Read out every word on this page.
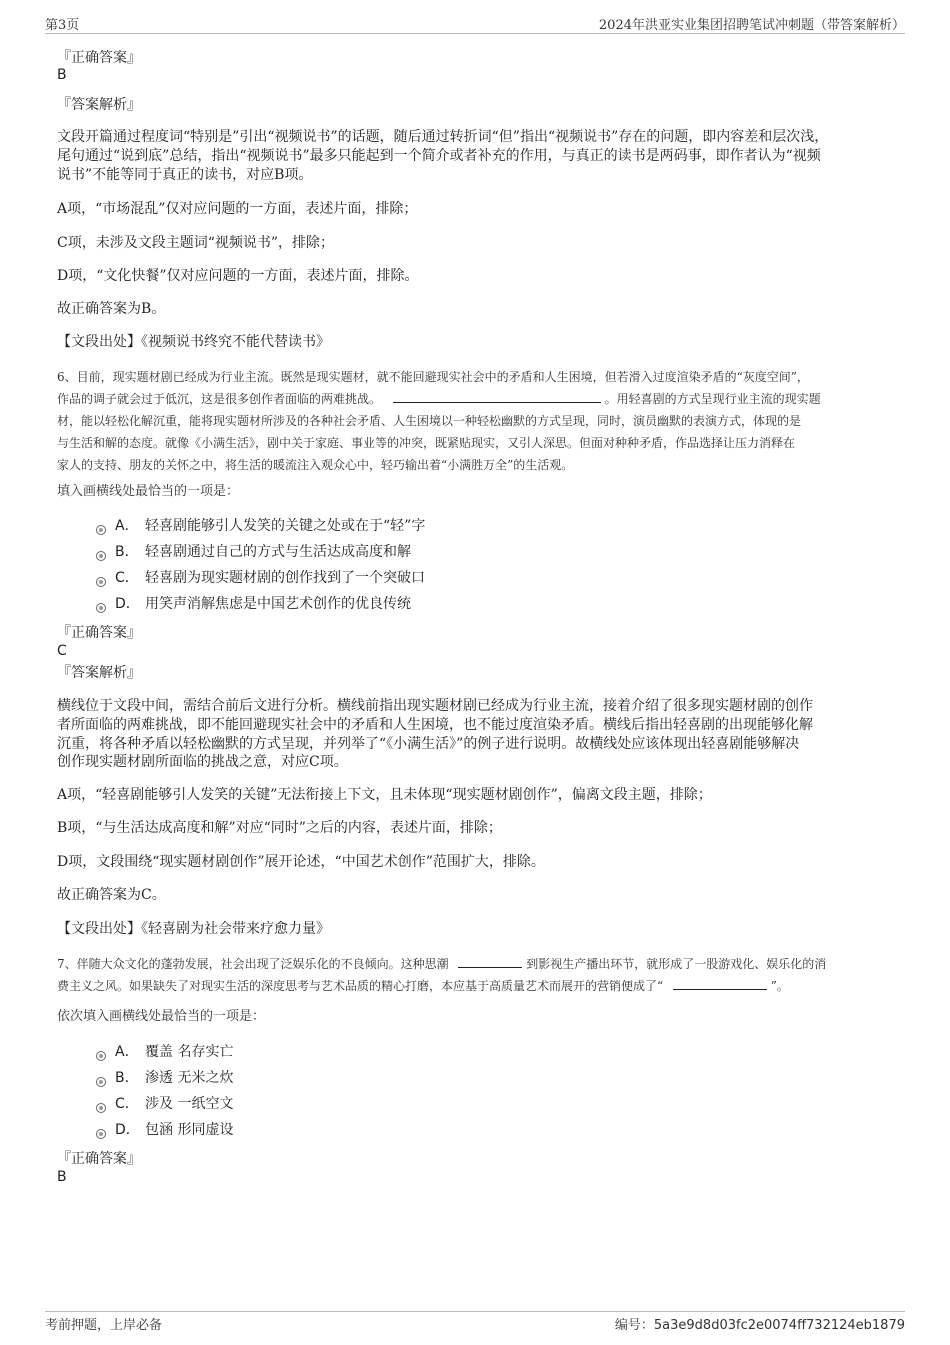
第3页	2024年洪亚实业集团招聘笔试冲刺题（带答案解析）
『正确答案』
B
『答案解析』
文段开篇通过程度词“特别是”引出“视频说书”的话题，随后通过转折词“但”指出“视频说书”存在的问题，即内容差和层次浅，
尾句通过“说到底”总结，指出“视频说书”最多只能起到一个简介或者补充的作用，与真正的读书是两码事，即作者认为“视频
说书”不能等同于真正的读书，对应B项。
A项，“市场混乱”仅对应问题的一方面，表述片面，排除；
C项，未涉及文段主题词“视频说书”，排除；
D项，“文化快餐”仅对应问题的一方面，表述片面，排除。
故正确答案为B。
【文段出处】《视频说书终究不能代替读书》
6、目前，现实题材剧已经成为行业主流。既然是现实题材，就不能回避现实社会中的矛盾和人生困境，但若滑入过度渲染矛盾的“灰度空间”，
作品的调子就会过于低沉，这是很多创作者面临的两难挑战。	。用轻喜剧的方式呈现行业主流的现实题
材，能以轻松化解沉重，能将现实题材所涉及的各种社会矛盾、人生困境以一种轻松幽默的方式呈现，同时，演员幽默的表演方式，体现的是
与生活和解的态度。就像《小满生活》，剧中关于家庭、事业等的冲突，既紧贴现实，又引人深思。但面对种种矛盾，作品选择让压力消释在
家人的支持、朋友的关怀之中，将生活的暖流注入观众心中，轻巧输出着“小满胜万全”的生活观。
填入画横线处最恰当的一项是：
A． 轻喜剧能够引人发笑的关键之处或在于“轻”字
B． 轻喜剧通过自己的方式与生活达成高度和解
C． 轻喜剧为现实题材剧的创作找到了一个突破口
D． 用笑声消解焦虑是中国艺术创作的优良传统
『正确答案』
C
『答案解析』
横线位于文段中间，需结合前后文进行分析。横线前指出现实题材剧已经成为行业主流，接着介绍了很多现实题材剧的创作
者所面临的两难挑战，即不能回避现实社会中的矛盾和人生困境，也不能过度渲染矛盾。横线后指出轻喜剧的出现能够化解
沉重，将各种矛盾以轻松幽默的方式呈现，并列举了“《小满生活》”的例子进行说明。故横线处应该体现出轻喜剧能够解决
创作现实题材剧所面临的挑战之意，对应C项。
A项，“轻喜剧能够引人发笑的关键”无法衔接上下文，且未体现“现实题材剧创作”，偏离文段主题，排除；
B项，“与生活达成高度和解”对应“同时”之后的内容，表述片面，排除；
D项，文段围绕“现实题材剧创作”展开论述，“中国艺术创作”范围扩大，排除。
故正确答案为C。
【文段出处】《轻喜剧为社会带来疗愈力量》
7、伴随大众文化的蓬勃发展，社会出现了泛娱乐化的不良倾向。这种思潮	到影视生产播出环节，就形成了一股游戏化、娱乐化的消
费主义之风。如果缺失了对现实生活的深度思考与艺术品质的精心打磨，本应基于高质量艺术而展开的营销便成了“	”。
依次填入画横线处最恰当的一项是：
A． 覆盖 名存实亡
B． 渗透 无米之炊
C． 涉及 一纸空文
D． 包涵 形同虚设
『正确答案』
B
考前押题，上岸必备	编号：5a3e9d8d03fc2e0074ff732124eb1879
